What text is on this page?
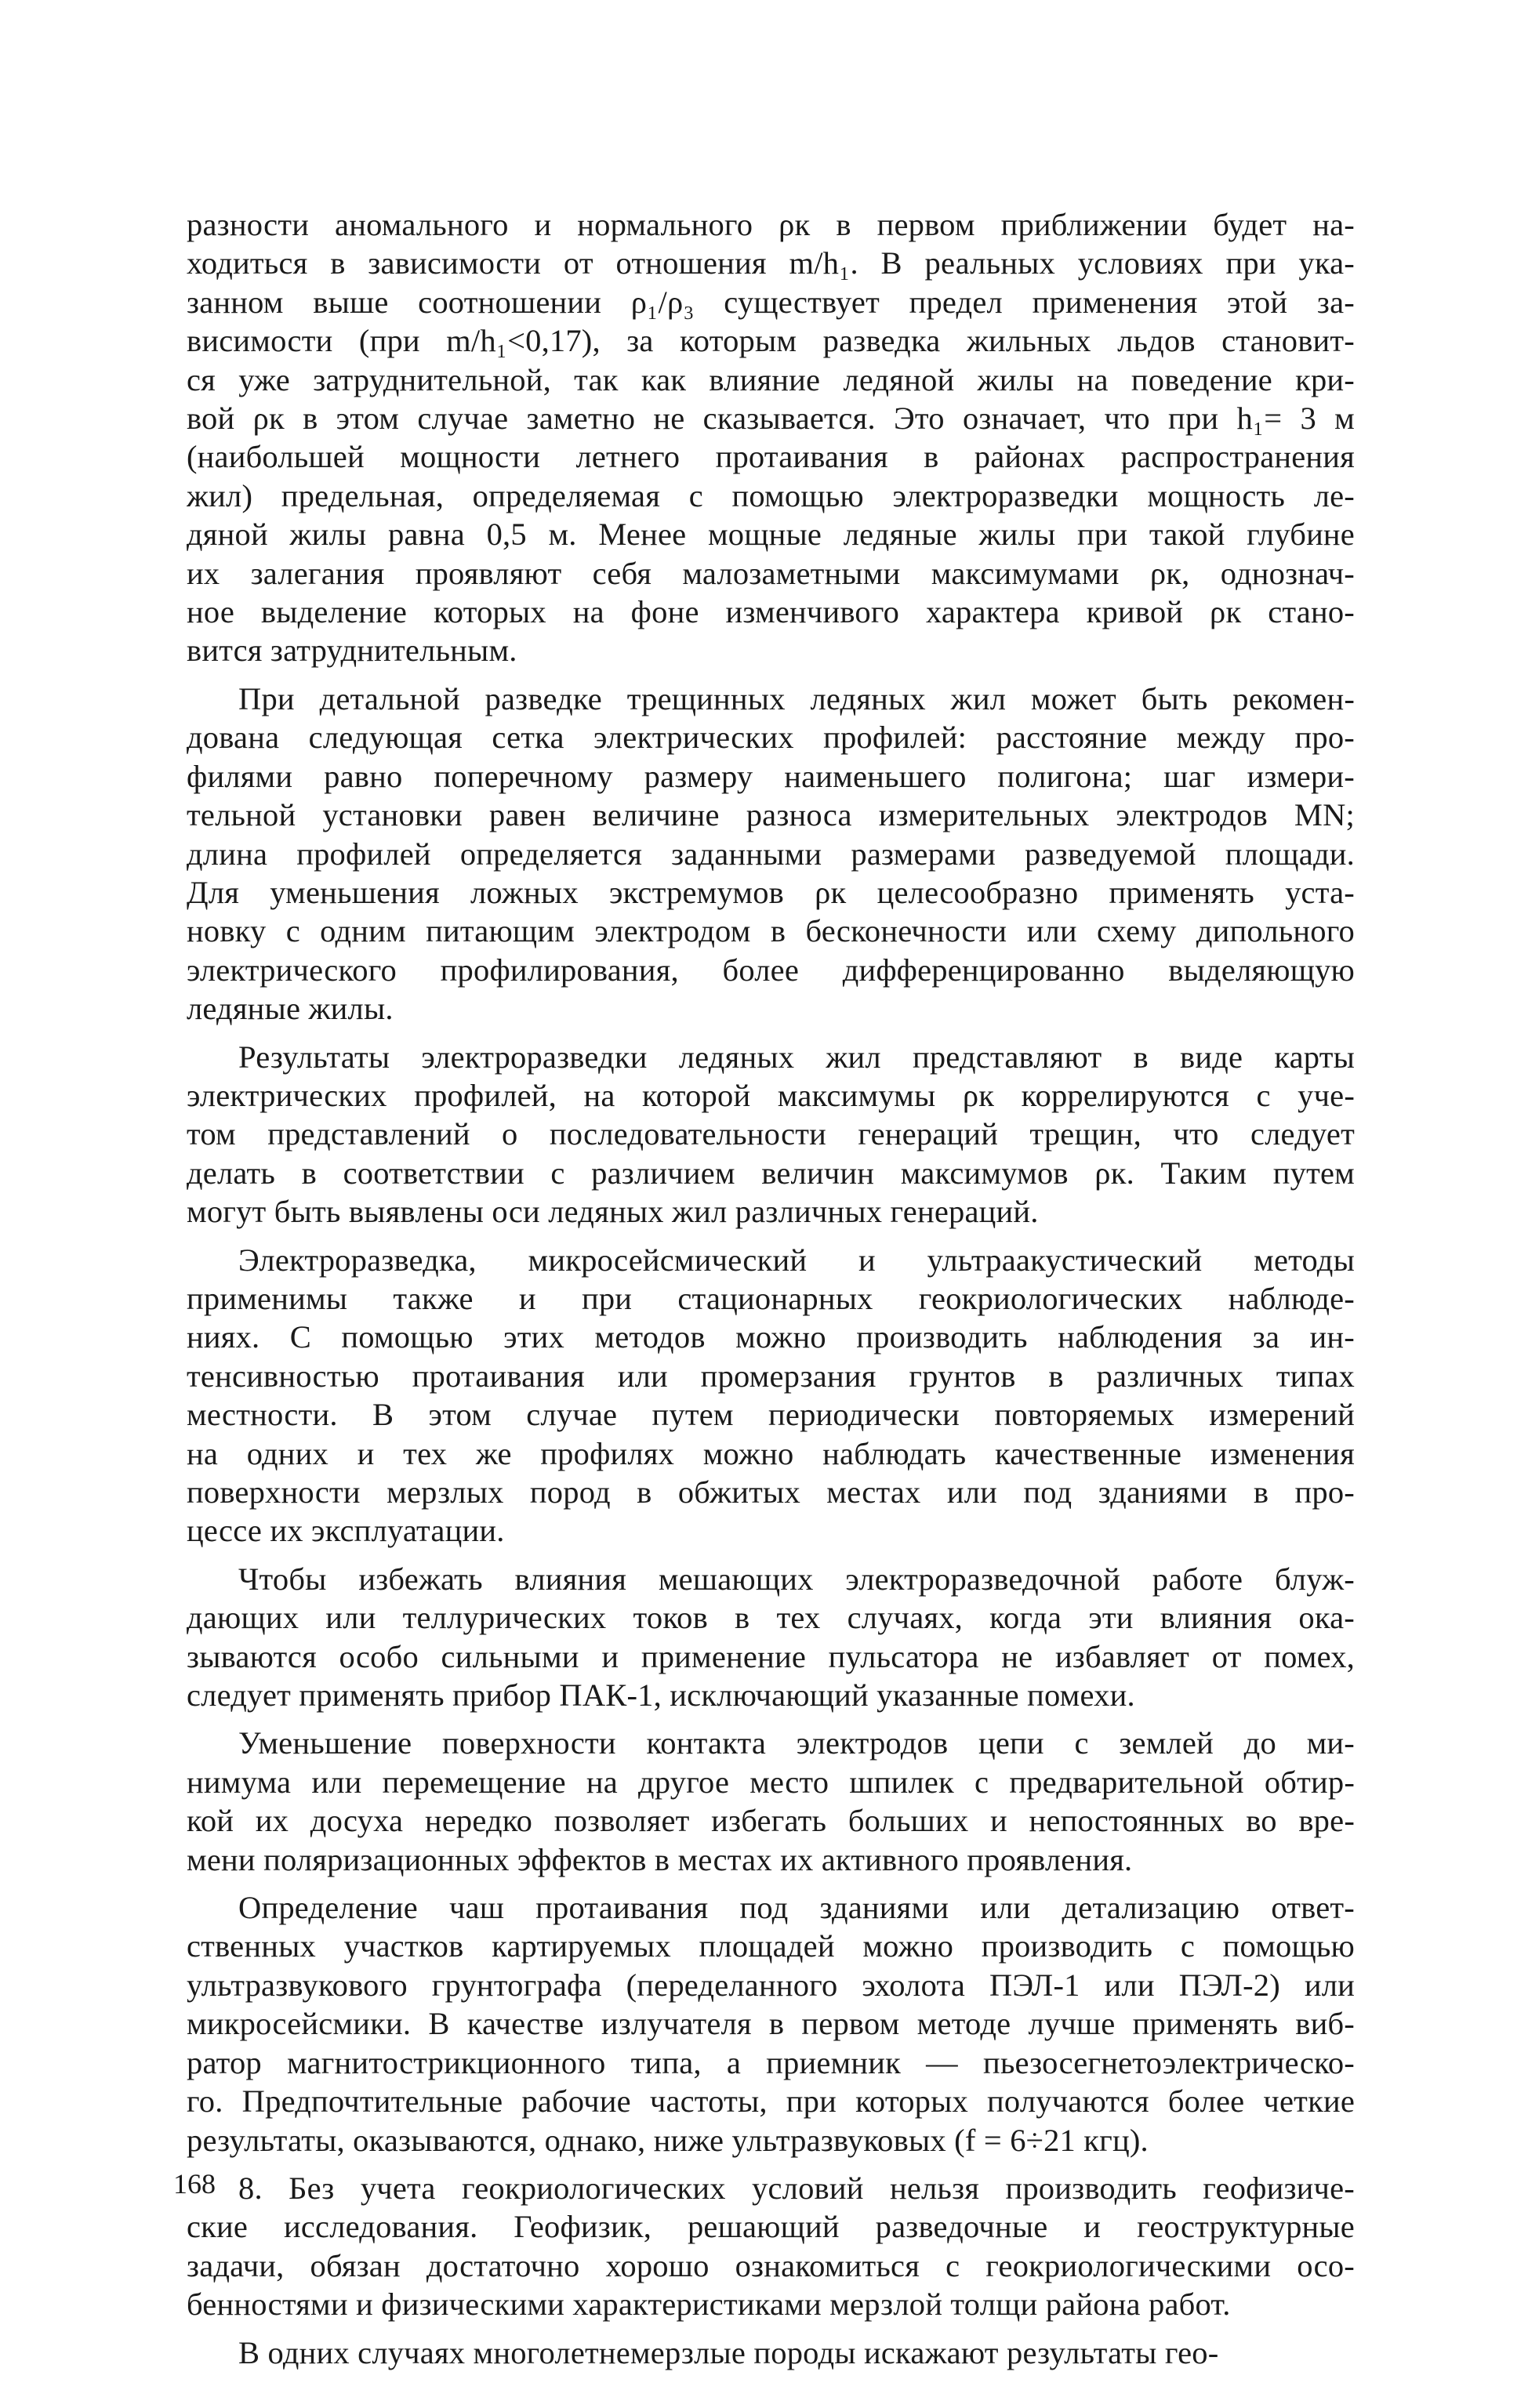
разности аномального и нормального ρк в первом приближении будет на-
ходиться в зависимости от отношения m/h₁. В реальных условиях при ука-
занном выше соотношении ρ₁/ρ₃ существует предел применения этой за-
висимости (при m/h₁<0,17), за которым разведка жильных льдов становит-
ся уже затруднительной, так как влияние ледяной жилы на поведение кри-
вой ρк в этом случае заметно не сказывается. Это означает, что при h₁= 3 м
(наибольшей мощности летнего протаивания в районах распространения
жил) предельная, определяемая с помощью электроразведки мощность ле-
дяной жилы равна 0,5 м. Менее мощные ледяные жилы при такой глубине
их залегания проявляют себя малозаметными максимумами ρк, однознач-
ное выделение которых на фоне изменчивого характера кривой ρк стано-
вится затруднительным.
При детальной разведке трещинных ледяных жил может быть рекомен-
дована следующая сетка электрических профилей: расстояние между про-
филями равно поперечному размеру наименьшего полигона; шаг измери-
тельной установки равен величине разноса измерительных электродов MN;
длина профилей определяется заданными размерами разведуемой площади.
Для уменьшения ложных экстремумов ρк целесообразно применять уста-
новку с одним питающим электродом в бесконечности или схему дипольного
электрического профилирования, более дифференцированно выделяющую
ледяные жилы.
Результаты электроразведки ледяных жил представляют в виде карты
электрических профилей, на которой максимумы ρк коррелируются с уче-
том представлений о последовательности генераций трещин, что следует
делать в соответствии с различием величин максимумов ρк. Таким путем
могут быть выявлены оси ледяных жил различных генераций.
Электроразведка, микросейсмический и ультраакустический методы
применимы также и при стационарных геокриологических наблюде-
ниях. С помощью этих методов можно производить наблюдения за ин-
тенсивностью протаивания или промерзания грунтов в различных типах
местности. В этом случае путем периодически повторяемых измерений
на одних и тех же профилях можно наблюдать качественные изменения
поверхности мерзлых пород в обжитых местах или под зданиями в про-
цессе их эксплуатации.
Чтобы избежать влияния мешающих электроразведочной работе блуж-
дающих или теллурических токов в тех случаях, когда эти влияния ока-
зываются особо сильными и применение пульсатора не избавляет от помех,
следует применять прибор ПАК-1, исключающий указанные помехи.
Уменьшение поверхности контакта электродов цепи с землей до ми-
нимума или перемещение на другое место шпилек с предварительной обтир-
кой их досуха нередко позволяет избегать больших и непостоянных во вре-
мени поляризационных эффектов в местах их активного проявления.
Определение чаш протаивания под зданиями или детализацию ответ-
ственных участков картируемых площадей можно производить с помощью
ультразвукового грунтографа (переделанного эхолота ПЭЛ-1 или ПЭЛ-2) или
микросейсмики. В качестве излучателя в первом методе лучше применять виб-
ратор магнитострикционного типа, а приемник — пьезосегнетоэлектрическо-
го. Предпочтительные рабочие частоты, при которых получаются более четкие
результаты, оказываются, однако, ниже ультразвуковых (f = 6÷21 кгц).
8. Без учета геокриологических условий нельзя производить геофизиче-
ские исследования. Геофизик, решающий разведочные и геоструктурные
задачи, обязан достаточно хорошо ознакомиться с геокриологическими осо-
бенностями и физическими характеристиками мерзлой толщи района работ.
В одних случаях многолетнемерзлые породы искажают результаты гео-
168
